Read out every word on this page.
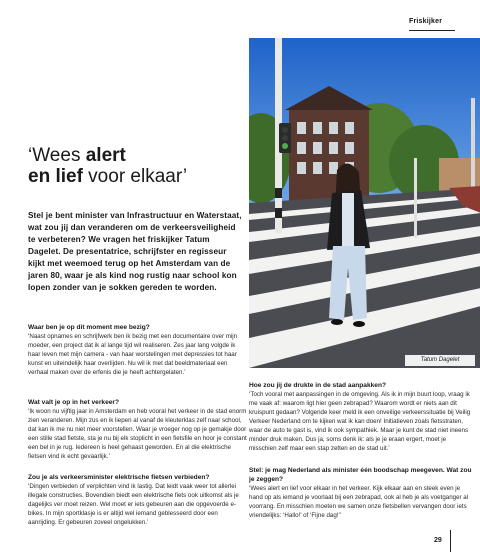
Friskijker
‘Wees alert
en lief voor elkaar’

Stel je bent minister van Infrastructuur en Waterstaat, wat zou jij dan veranderen om de verkeersveiligheid te verbeteren? We vragen het friskijker Tatum Dagelet. De presentatrice, schrijfster en regisseur kijkt met weemoed terug op het Amsterdam van de jaren 80, waar je als kind nog rustig naar school kon lopen zonder van je sokken gereden te worden.

Tatum Dagelet
Waar ben je op dit moment mee bezig?

‘Naast opnames en schrijfwerk ben ik bezig met een documentaire over mijn moeder, een project dat ik al lange tijd wil realiseren. Zes jaar lang volgde ik haar leven met mijn camera - van haar worstelingen met depressies tot haar kunst en uiteindelijk haar overlijden. Nu wil ik met dat beeldmateriaal een verhaal maken over de erfenis die je heeft achtergelaten.’

Wat valt je op in het verkeer?

‘Ik woon nu vijftig jaar in Amsterdam en heb vooral het verkeer in de stad enorm zien veranderen. Mijn zus en ik liepen al vanaf de kleuterklas zelf naar school, dat kan ik me nu niet meer voorstellen. Waar je vroeger nog op je gemakje door een stille stad fietste, sta je nu bij elk stoplicht in een fietsfile en hoor je constant een bel in je rug. Iedereen is heel gehaast geworden. En al die elektrische fietsen vind ik echt gevaarlijk.’

Zou je als verkeersminister elektrische fietsen verbieden?

‘Dingen verbieden of verplichten vind ik lastig. Dat leidt vaak weer tot allerlei illegale constructies. Bovendien biedt een elektrische fiets ook uitkomst als je dagelijks ver moet reizen. Wel moet er iets gebeuren aan die opgevoerde e-bikes. In mijn sportklasje is er altijd wel iemand geblesseerd door een aanrijding. Er gebeuren zoveel ongelukken.’

Hoe zou jij de drukte in de stad aanpakken?

‘Toch vooral met aanpassingen in de omgeving. Als ik in mijn buurt loop, vraag ik me vaak af: waarom ligt hier geen zebrapad? Waarom wordt er niets aan dit kruispunt gedaan? Volgende keer meld ik een onveilige verkeerssituatie bij Veilig Verkeer Nederland om te kijken wat ik kan doen! Initiatieven zoals fietsstraten, waar de auto te gast is, vind ik ook sympathiek. Maar je kunt de stad niet ineens minder druk maken. Dus ja, soms denk ik: als je je eraan ergert, moet je misschien zelf maar een stap zetten en de stad uit.’

Stel: je mag Nederland als minister één boodschap meegeven. Wat zou je zeggen?

‘Wees alert en lief voor elkaar in het verkeer. Kijk elkaar aan en steek even je hand op als iemand je voorlaat bij een zebrapad, ook al heb je als voetganger al voorrang. En misschien moeten we samen onze fietsbellen vervangen door iets vriendelijks: ‘Hallo!’ of ‘Fijne dag!’’

29
